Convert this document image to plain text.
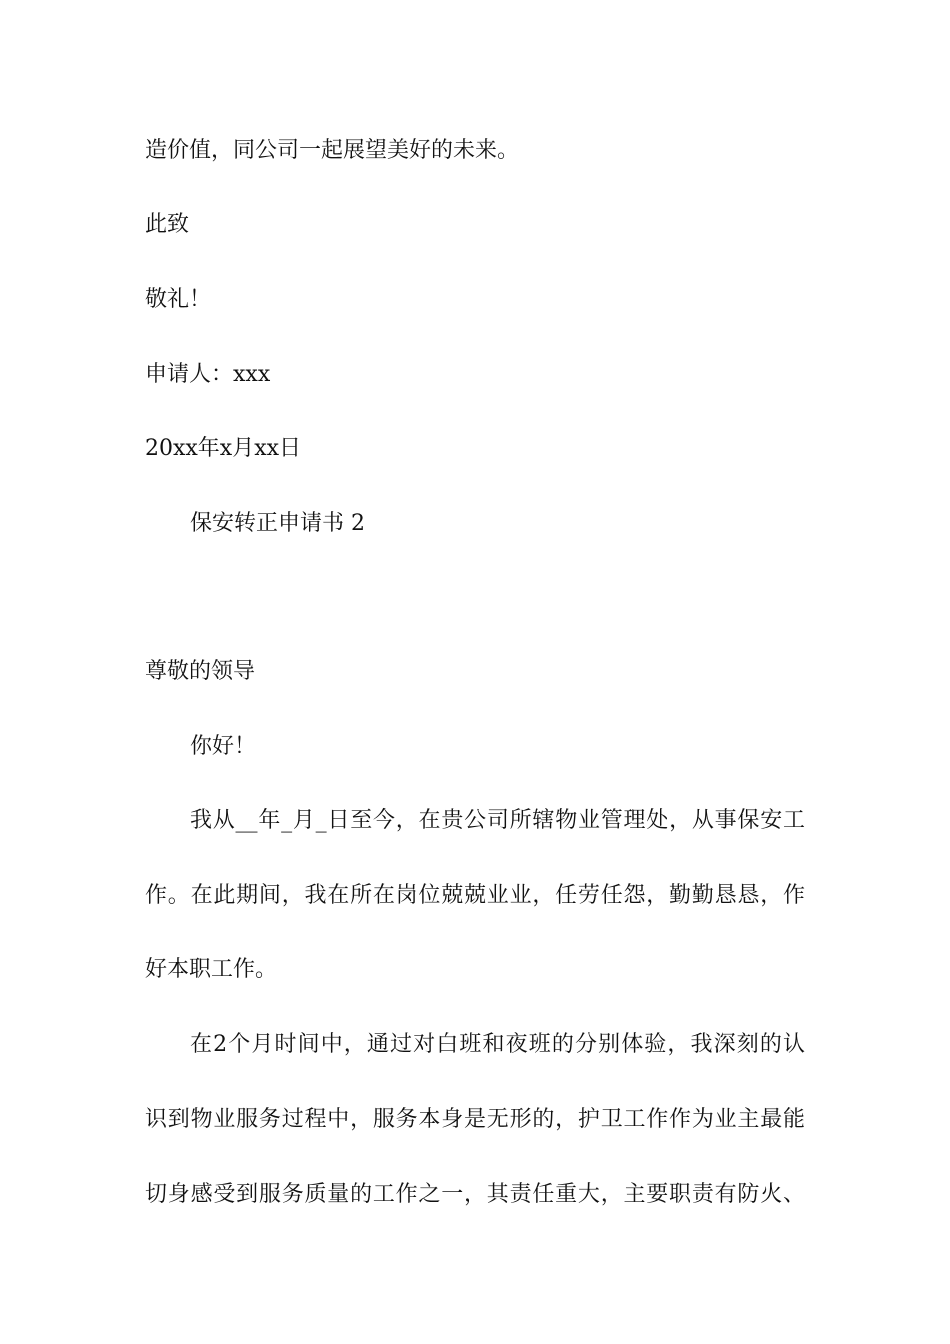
造价值，同公司一起展望美好的未来。
此致
敬礼！
申请人：xxx
20xx年x月xx日
保安转正申请书 2
尊敬的领导
你好！
我从__年_月_日至今，在贵公司所辖物业管理处，从事保安工
作。在此期间，我在所在岗位兢兢业业，任劳任怨，勤勤恳恳，作
好本职工作。
在2个月时间中，通过对白班和夜班的分别体验，我深刻的认
识到物业服务过程中，服务本身是无形的，护卫工作作为业主最能
切身感受到服务质量的工作之一，其责任重大，主要职责有防火、
